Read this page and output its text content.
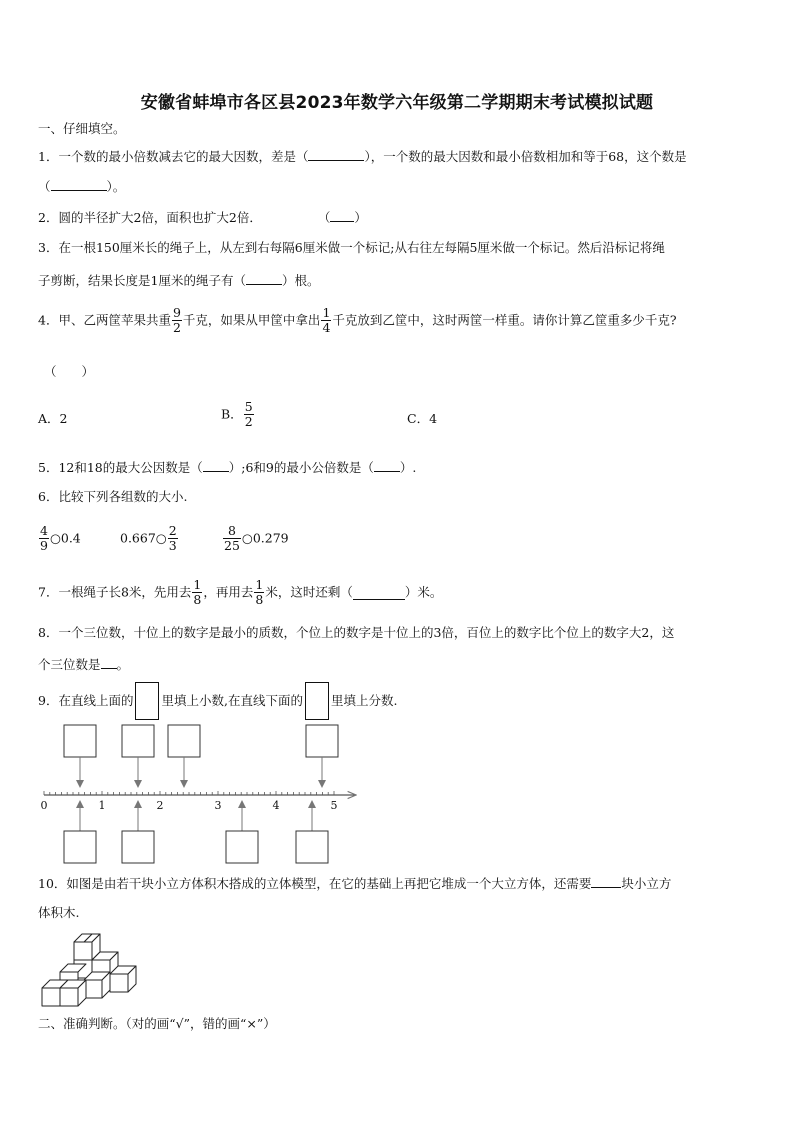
安徽省蚌埠市各区县2023年数学六年级第二学期期末考试模拟试题
一、仔细填空。
1．一个数的最小倍数减去它的最大因数，差是（	），一个数的最大因数和最小倍数相加和等于68，这个数是
（	）。
2．圆的半径扩大2倍，面积也扩大2倍．	（ ）
3．在一根150厘米长的绳子上，从左到右每隔6厘米做一个标记;从右往左每隔5厘米做一个标记。然后沿标记将绳
子剪断，结果长度是1厘米的绳子有（	）根。
4．甲、乙两筐苹果共重 $\frac{9}{2}$ 千克，如果从甲筐中拿出 $\frac{1}{4}$ 千克放到乙筐中，这时两筐一样重。请你计算乙筐重多少千克?
（　　）
A．2	B． $\frac{5}{2}$	C．4
5．12和18的最大公因数是（ ）;6和9的最小公倍数是（ ）.
6．比较下列各组数的大小.
$\frac{4}{9}$ ○0.4	0.667○ $\frac{2}{3}$	$\frac{8}{25}$ ○0.279
7．一根绳子长8米，先用去 $\frac{1}{8}$ ，再用去 $\frac{1}{8}$ 米，这时还剩（	）米。
8．一个三位数，十位上的数字是最小的质数，个位上的数字是十位上的3倍，百位上的数字比个位上的数字大2，这
个三位数是 。
9．在直线上面的 里填上小数,在直线下面的 里填上分数.
0	1	2	3	4	5
10．如图是由若干块小立方体积木搭成的立体模型，在它的基础上再把它堆成一个大立方体，还需要 块小立方
体积木.
二、准确判断。（对的画“√”，错的画“×”）
